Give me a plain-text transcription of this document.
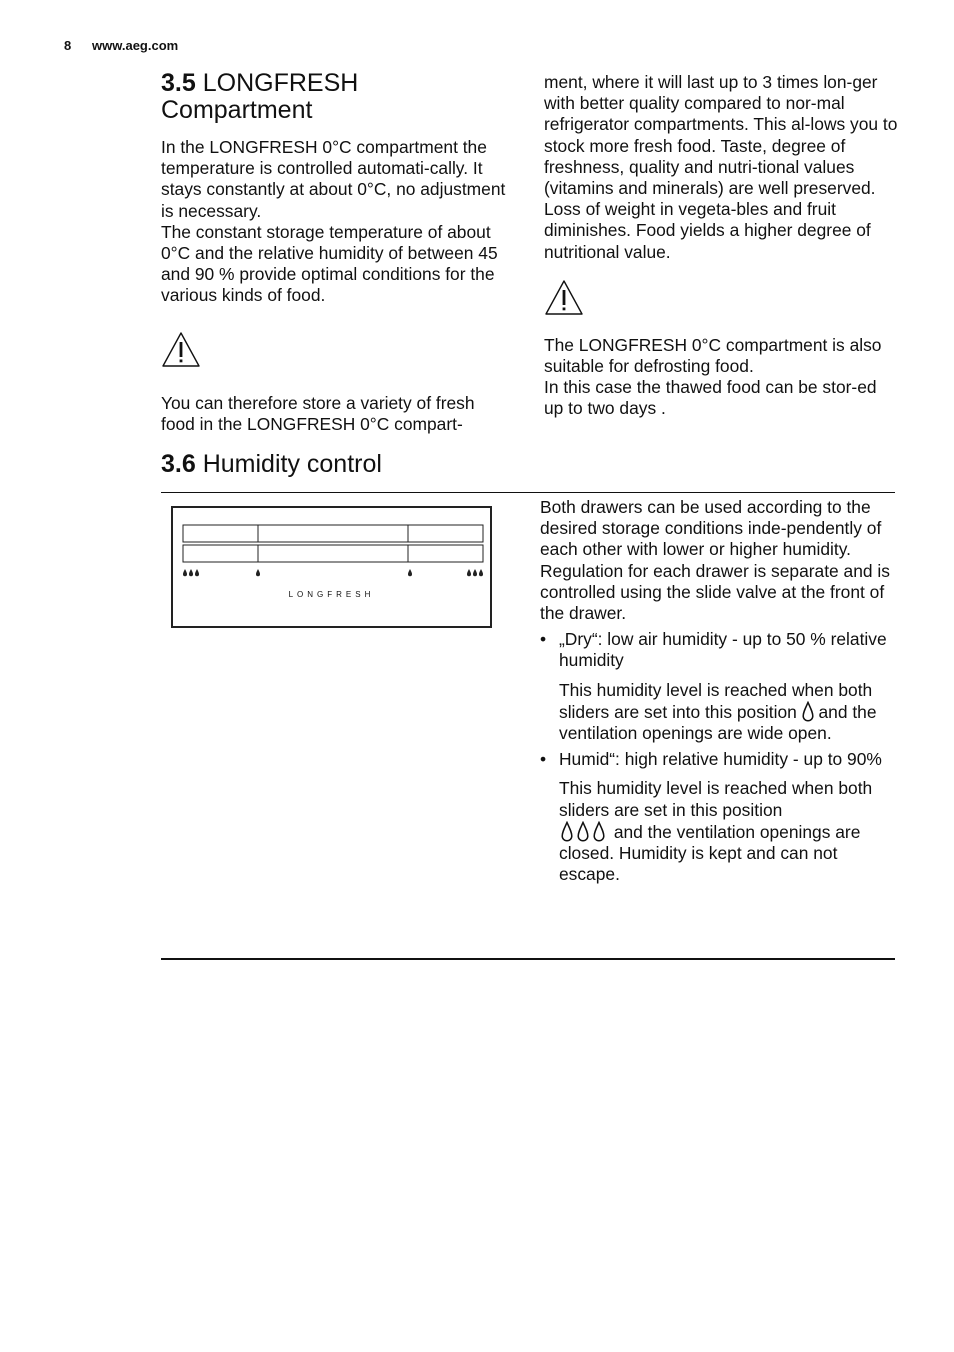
8 www.aeg.com
3.5 LONGFRESH
Compartment

In the LONGFRESH 0°C compartment the temperature is controlled automati-cally. It stays constantly at about 0°C, no adjustment is necessary.

The constant storage temperature of about 0°C and the relative humidity of between 45 and 90 % provide optimal conditions for the various kinds of food.

You can therefore store a variety of fresh food in the LONGFRESH 0°C compart-

ment, where it will last up to 3 times lon-ger with better quality compared to nor-mal refrigerator compartments. This al-lows you to stock more fresh food. Taste, degree of freshness, quality and nutri-tional values (vitamins and minerals) are well preserved. Loss of weight in vegeta-bles and fruit diminishes. Food yields a higher degree of nutritional value.

The LONGFRESH 0°C compartment is also suitable for defrosting food.

In this case the thawed food can be stor-ed up to two days .

3.6 Humidity control
LONGFRESH

Both drawers can be used according to the desired storage conditions inde-pendently of each other with lower or higher humidity.

Regulation for each drawer is separate and is controlled using the slide valve at the front of the drawer.

• „Dry“: low air humidity - up to 50 % relative humidity

This humidity level is reached when both sliders are set into this position  and the ventilation openings are wide open.

• Humid“: high relative humidity - up to 90%

This humidity level is reached when both sliders are set in this position
and the ventilation openings are closed. Humidity is kept and can not escape.
